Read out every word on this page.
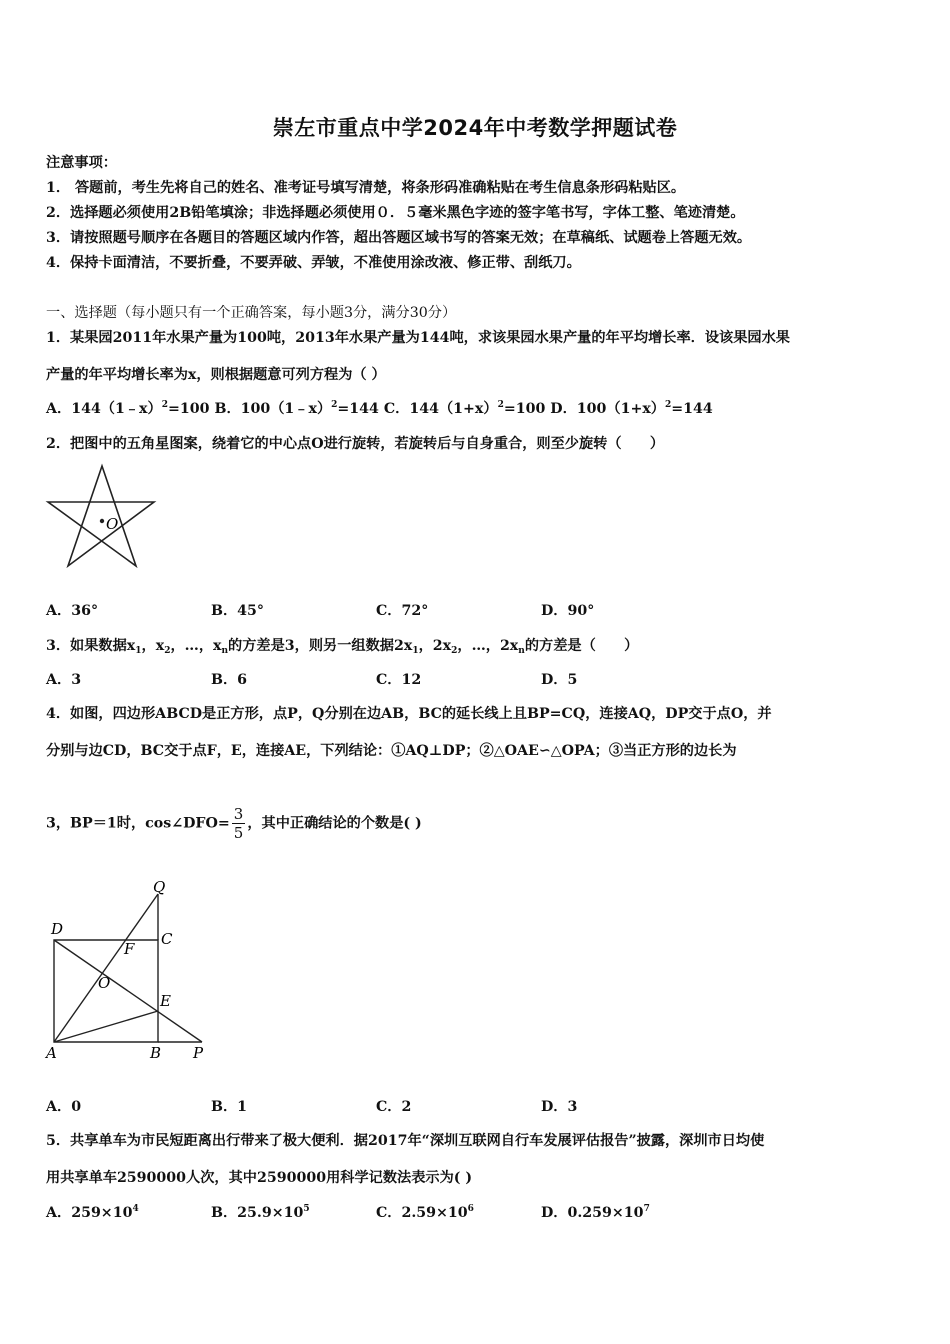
崇左市重点中学2024年中考数学押题试卷
注意事项：
1． 答题前，考生先将自己的姓名、准考证号填写清楚，将条形码准确粘贴在考生信息条形码粘贴区。
2．选择题必须使用2B铅笔填涂；非选择题必须使用０．５毫米黑色字迹的签字笔书写，字体工整、笔迹清楚。
3．请按照题号顺序在各题目的答题区域内作答，超出答题区域书写的答案无效；在草稿纸、试题卷上答题无效。
4．保持卡面清洁，不要折叠，不要弄破、弄皱，不准使用涂改液、修正带、刮纸刀。
一、选择题（每小题只有一个正确答案，每小题3分，满分30分）
1．某果园2011年水果产量为100吨，2013年水果产量为144吨，求该果园水果产量的年平均增长率．设该果园水果
产量的年平均增长率为x，则根据题意可列方程为（ ）
A．144（1﹣x）$^2$=100 B．100（1﹣x）$^2$=144 C．$144(1+x)^2=100$ D．$100(1+x)^2=144$
2．把图中的五角星图案，绕着它的中心点O进行旋转，若旋转后与自身重合，则至少旋转（　　）
O
A．36°	B．45°	C．72°	D．90°
3．如果数据$x_1$，$x_2$，…，$x_n$的方差是3，则另一组数据$2x_1$，$2x_2$，…，$2x_n$的方差是（　　）
A．3	B．6	C．12	D．5
4．如图，四边形ABCD是正方形，点P，Q分别在边AB，BC的延长线上且BP=CQ，连接AQ，DP交于点O，并
分别与边CD，BC交于点F，E，连接AE，下列结论：①AQ⊥DP；②△OAE∽△OPA；③当正方形的边长为
3，BP＝1时，cos∠DFO= $\frac{3}{5}$ ，其中正确结论的个数是( )
Q
D
C
F
O
E
A	B P
A．0	B．1	C．2	D．3
5．共享单车为市民短距离出行带来了极大便利．据2017年“深圳互联网自行车发展评估报告”披露，深圳市日均使
用共享单车2590000人次，其中2590000用科学记数法表示为( )
A．$259\times 10^4$	B．$25.9\times 10^5$	C．$2.59\times 10^6$	D．$0.259\times 10^7$
